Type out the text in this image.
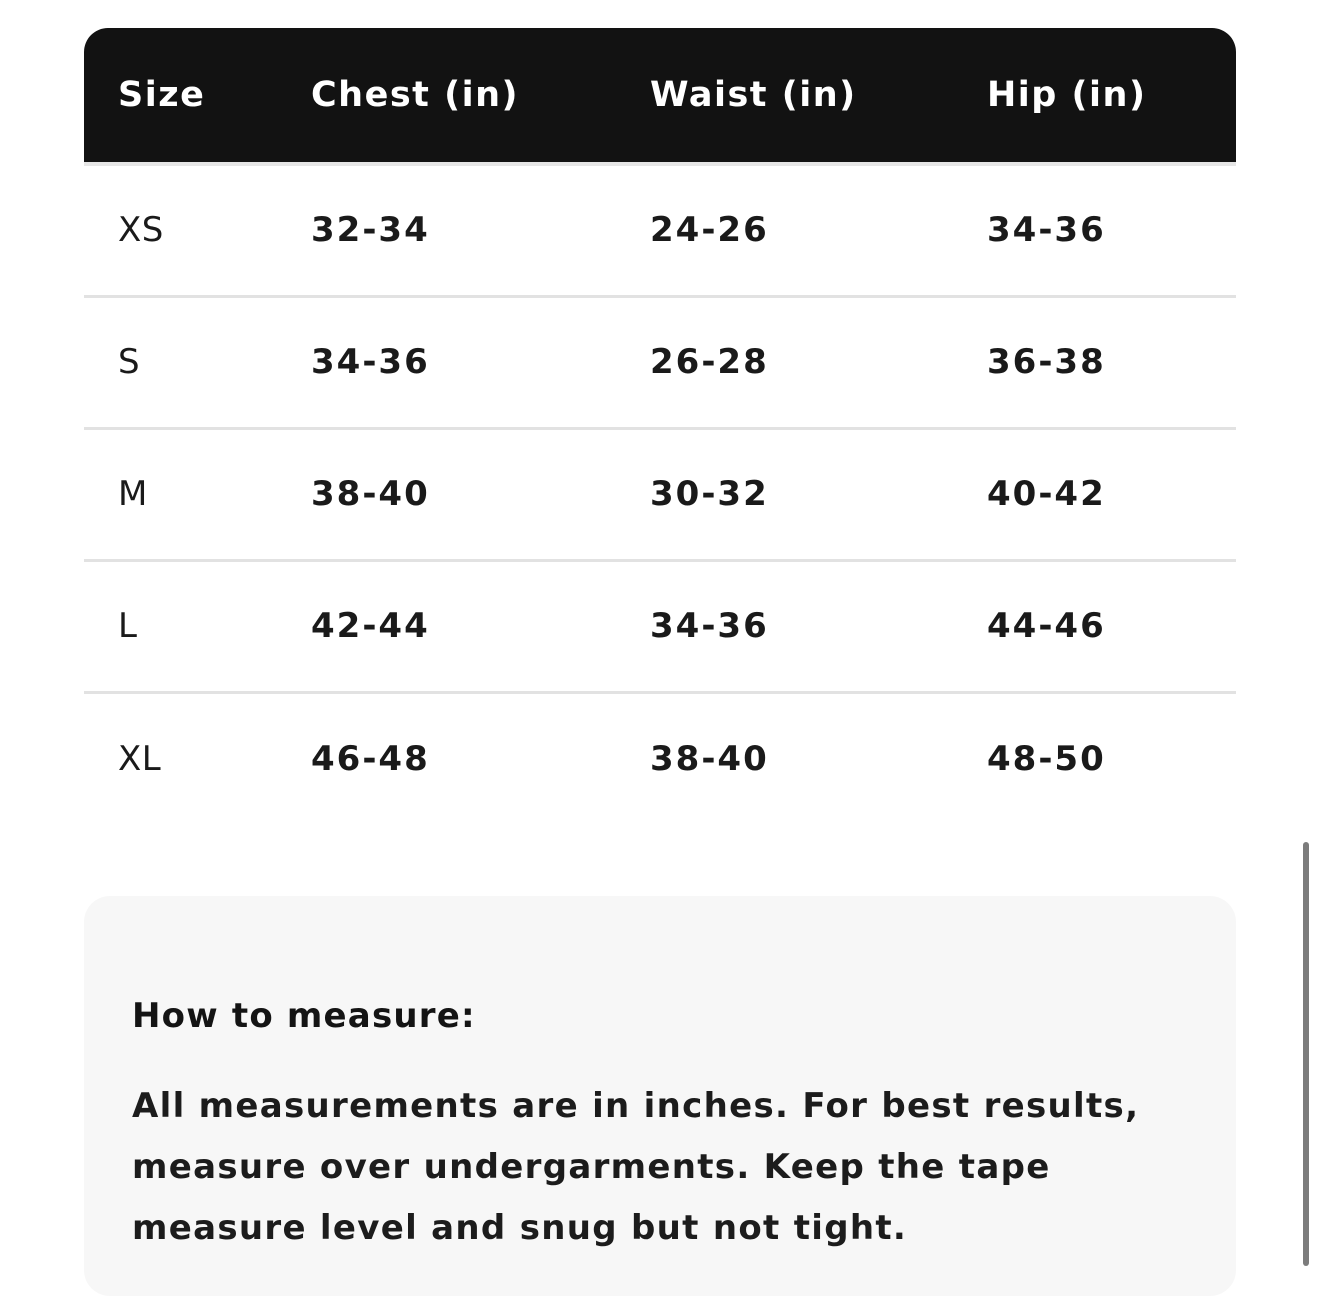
Size	Chest (in)	Waist (in)	Hip (in)
XS	32-34	24-26	34-36
S	34-36	26-28	36-38
M	38-40	30-32	40-42
L	42-44	34-36	44-46
XL	46-48	38-40	48-50
How to measure:

All measurements are in inches. For best results, measure over undergarments. Keep the tape measure level and snug but not tight.
